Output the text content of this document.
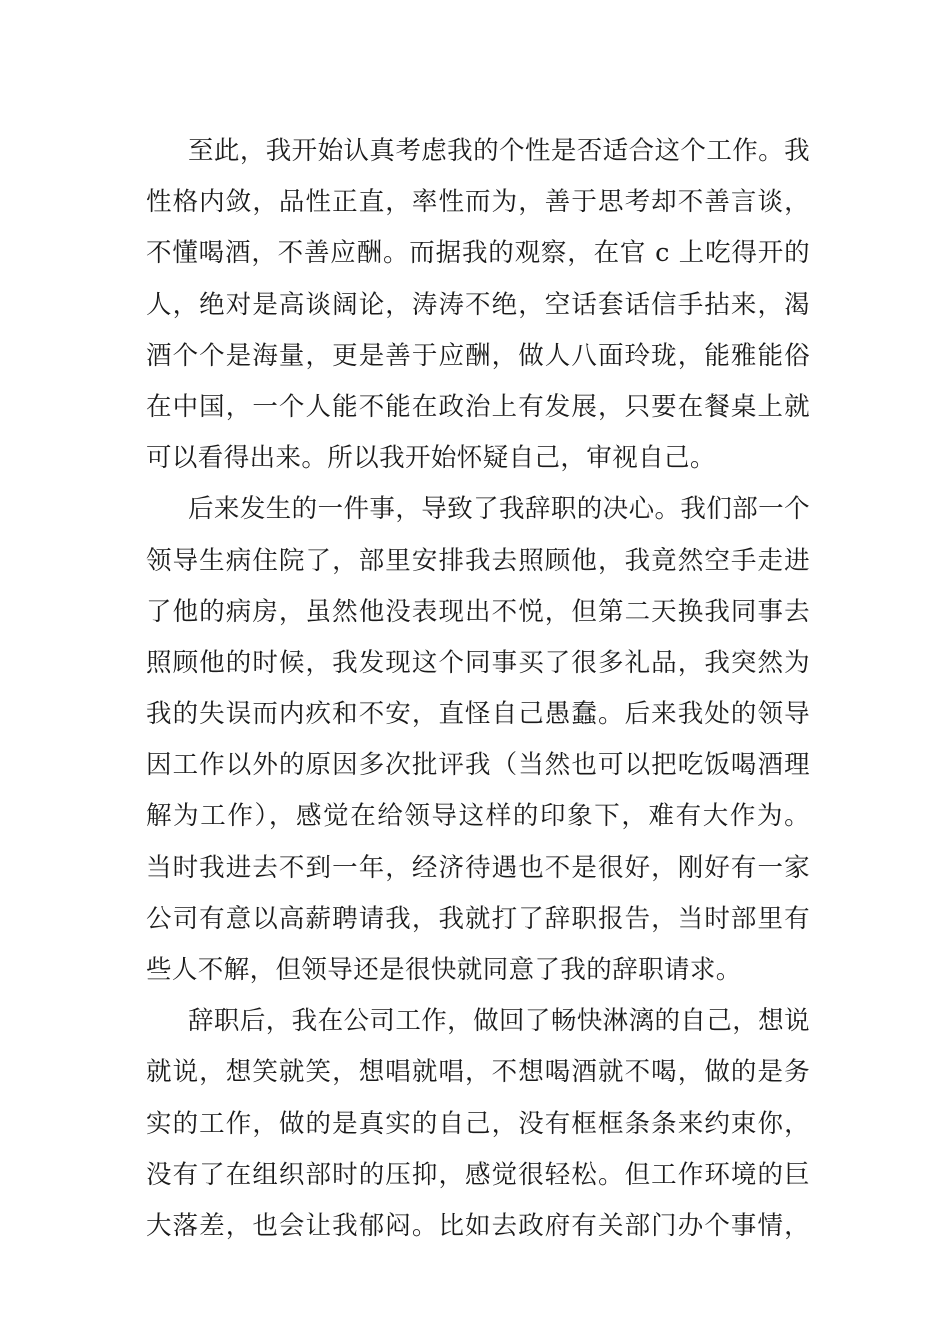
至此，我开始认真考虑我的个性是否适合这个工作。我
性格内敛，品性正直，率性而为，善于思考却不善言谈，
不懂喝酒，不善应酬。而据我的观察，在官 c 上吃得开的
人，绝对是高谈阔论，涛涛不绝，空话套话信手拈来，渴
酒个个是海量，更是善于应酬，做人八面玲珑，能雅能俗
在中国，一个人能不能在政治上有发展，只要在餐桌上就
可以看得出来。所以我开始怀疑自己，审视自己。
后来发生的一件事，导致了我辞职的决心。我们部一个
领导生病住院了，部里安排我去照顾他，我竟然空手走进
了他的病房，虽然他没表现出不悦，但第二天换我同事去
照顾他的时候，我发现这个同事买了很多礼品，我突然为
我的失误而内疚和不安，直怪自己愚蠢。后来我处的领导
因工作以外的原因多次批评我（当然也可以把吃饭喝酒理
解为工作），感觉在给领导这样的印象下，难有大作为。
当时我进去不到一年，经济待遇也不是很好，刚好有一家
公司有意以高薪聘请我，我就打了辞职报告，当时部里有
些人不解，但领导还是很快就同意了我的辞职请求。
辞职后，我在公司工作，做回了畅快淋漓的自己，想说
就说，想笑就笑，想唱就唱，不想喝酒就不喝，做的是务
实的工作，做的是真实的自己，没有框框条条来约束你，
没有了在组织部时的压抑，感觉很轻松。但工作环境的巨
大落差，也会让我郁闷。比如去政府有关部门办个事情，
